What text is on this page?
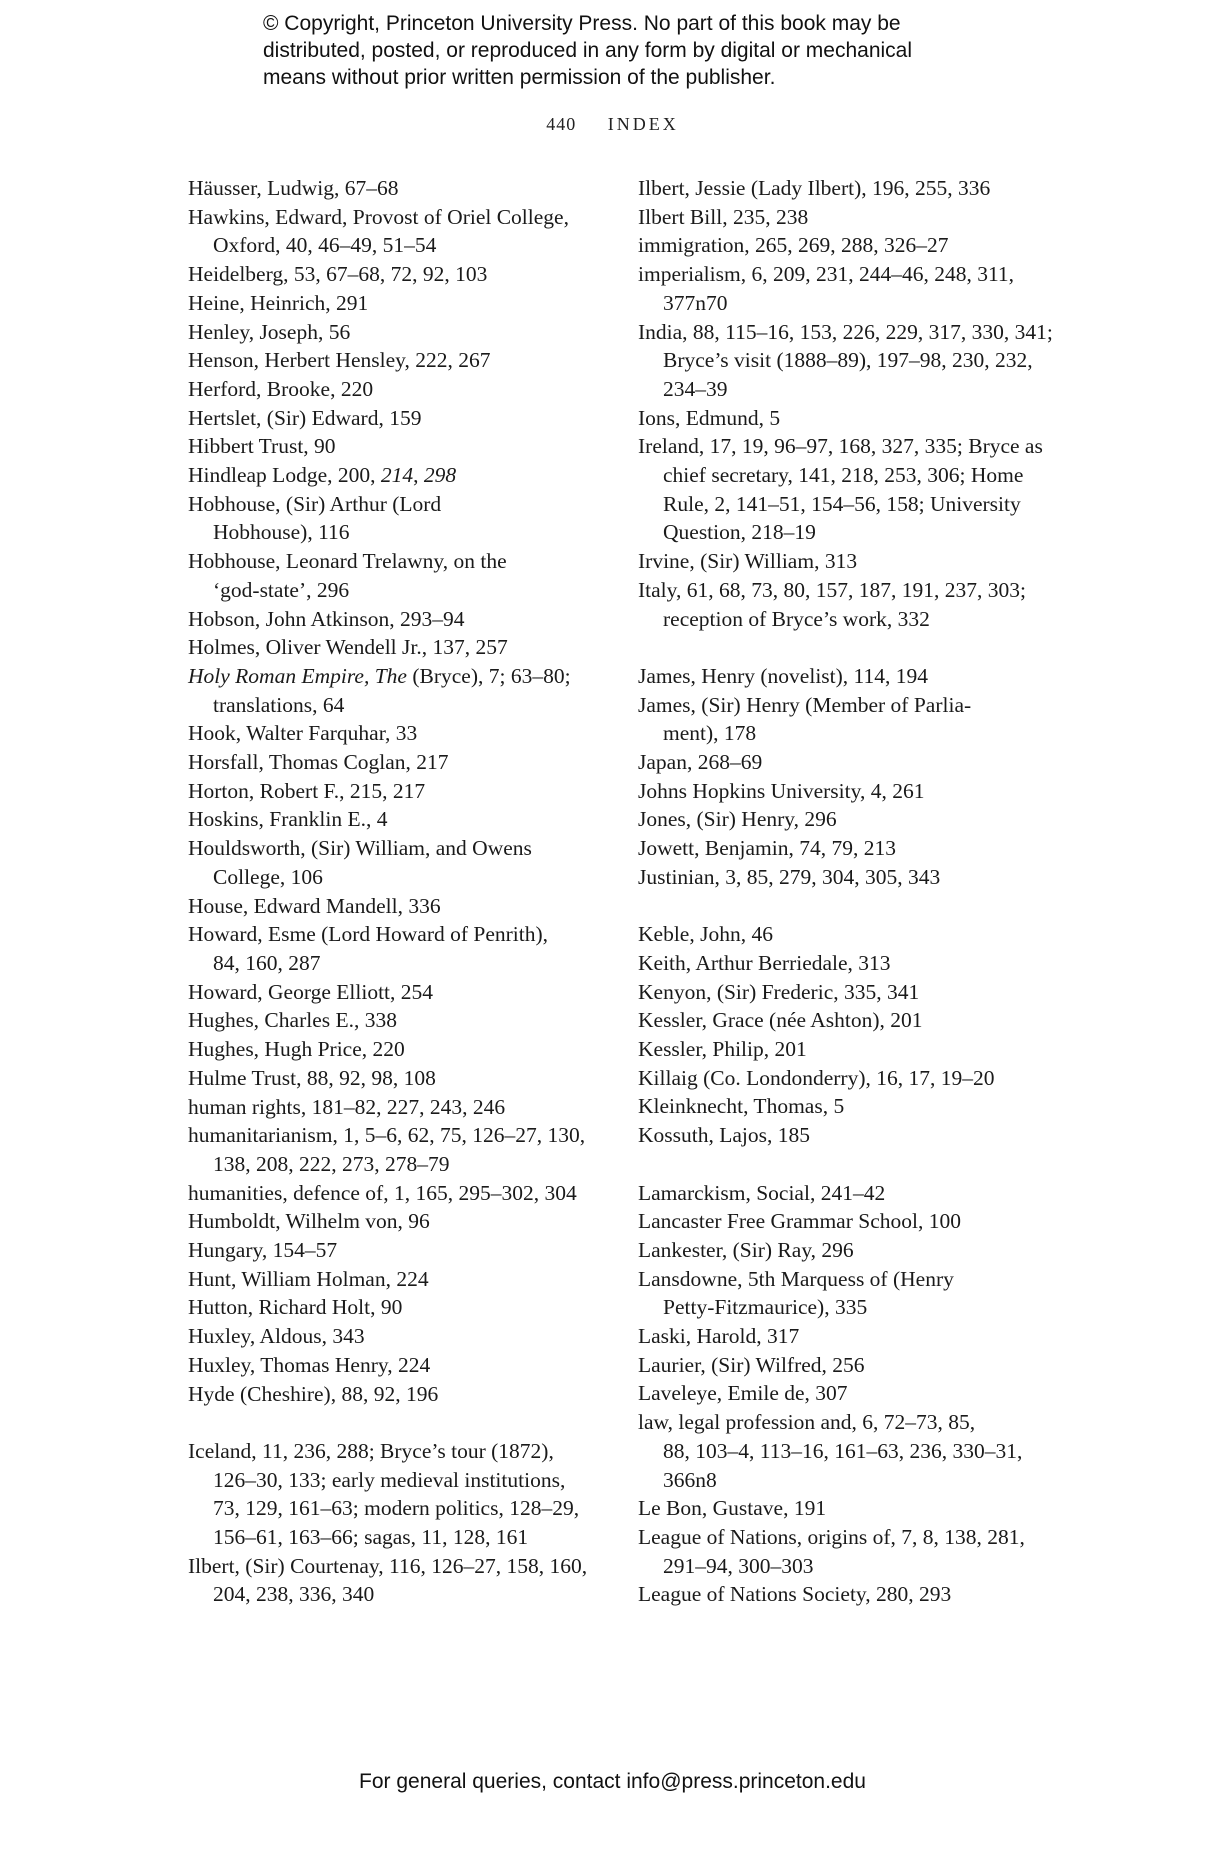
© Copyright, Princeton University Press. No part of this book may be
distributed, posted, or reproduced in any form by digital or mechanical
means without prior written permission of the publisher.
440 INDEX
Häusser, Ludwig, 67–68
Hawkins, Edward, Provost of Oriel College,
Oxford, 40, 46–49, 51–54
Heidelberg, 53, 67–68, 72, 92, 103
Heine, Heinrich, 291
Henley, Joseph, 56
Henson, Herbert Hensley, 222, 267
Herford, Brooke, 220
Hertslet, (Sir) Edward, 159
Hibbert Trust, 90
Hindleap Lodge, 200, 214, 298
Hobhouse, (Sir) Arthur (Lord
Hobhouse), 116
Hobhouse, Leonard Trelawny, on the
‘god-state’, 296
Hobson, John Atkinson, 293–94
Holmes, Oliver Wendell Jr., 137, 257
Holy Roman Empire, The (Bryce), 7; 63–80;
translations, 64
Hook, Walter Farquhar, 33
Horsfall, Thomas Coglan, 217
Horton, Robert F., 215, 217
Hoskins, Franklin E., 4
Houldsworth, (Sir) William, and Owens
College, 106
House, Edward Mandell, 336
Howard, Esme (Lord Howard of Penrith),
84, 160, 287
Howard, George Elliott, 254
Hughes, Charles E., 338
Hughes, Hugh Price, 220
Hulme Trust, 88, 92, 98, 108
human rights, 181–82, 227, 243, 246
humanitarianism, 1, 5–6, 62, 75, 126–27, 130,
138, 208, 222, 273, 278–79
humanities, defence of, 1, 165, 295–302, 304
Humboldt, Wilhelm von, 96
Hungary, 154–57
Hunt, William Holman, 224
Hutton, Richard Holt, 90
Huxley, Aldous, 343
Huxley, Thomas Henry, 224
Hyde (Cheshire), 88, 92, 196
Iceland, 11, 236, 288; Bryce’s tour (1872),
126–30, 133; early medieval institutions,
73, 129, 161–63; modern politics, 128–29,
156–61, 163–66; sagas, 11, 128, 161
Ilbert, (Sir) Courtenay, 116, 126–27, 158, 160,
204, 238, 336, 340
Ilbert, Jessie (Lady Ilbert), 196, 255, 336
Ilbert Bill, 235, 238
immigration, 265, 269, 288, 326–27
imperialism, 6, 209, 231, 244–46, 248, 311,
377n70
India, 88, 115–16, 153, 226, 229, 317, 330, 341;
Bryce’s visit (1888–89), 197–98, 230, 232,
234–39
Ions, Edmund, 5
Ireland, 17, 19, 96–97, 168, 327, 335; Bryce as
chief secretary, 141, 218, 253, 306; Home
Rule, 2, 141–51, 154–56, 158; University
Question, 218–19
Irvine, (Sir) William, 313
Italy, 61, 68, 73, 80, 157, 187, 191, 237, 303;
reception of Bryce’s work, 332
James, Henry (novelist), 114, 194
James, (Sir) Henry (Member of Parlia-
ment), 178
Japan, 268–69
Johns Hopkins University, 4, 261
Jones, (Sir) Henry, 296
Jowett, Benjamin, 74, 79, 213
Justinian, 3, 85, 279, 304, 305, 343
Keble, John, 46
Keith, Arthur Berriedale, 313
Kenyon, (Sir) Frederic, 335, 341
Kessler, Grace (née Ashton), 201
Kessler, Philip, 201
Killaig (Co. Londonderry), 16, 17, 19–20
Kleinknecht, Thomas, 5
Kossuth, Lajos, 185
Lamarckism, Social, 241–42
Lancaster Free Grammar School, 100
Lankester, (Sir) Ray, 296
Lansdowne, 5th Marquess of (Henry
Petty-Fitzmaurice), 335
Laski, Harold, 317
Laurier, (Sir) Wilfred, 256
Laveleye, Emile de, 307
law, legal profession and, 6, 72–73, 85,
88, 103–4, 113–16, 161–63, 236, 330–31,
366n8
Le Bon, Gustave, 191
League of Nations, origins of, 7, 8, 138, 281,
291–94, 300–303
League of Nations Society, 280, 293
For general queries, contact info@press.princeton.edu
